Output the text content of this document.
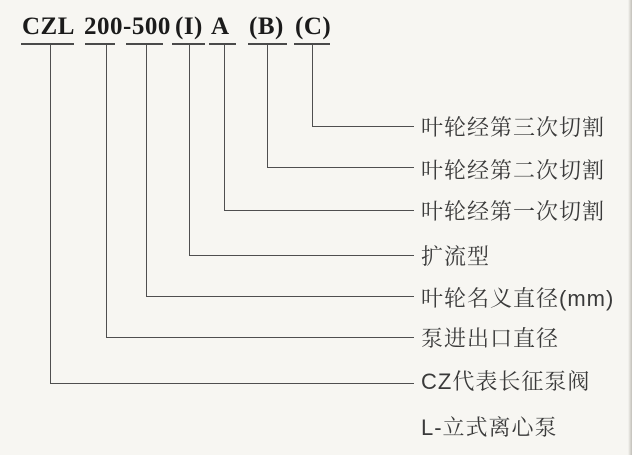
CZL 200-500 (I) A (B) (C)
叶轮经第三次切割
叶轮经第二次切割
叶轮经第一次切割
扩流型
叶轮名义直径(mm)
泵进出口直径
CZ代表长征泵阀
L-立式离心泵
